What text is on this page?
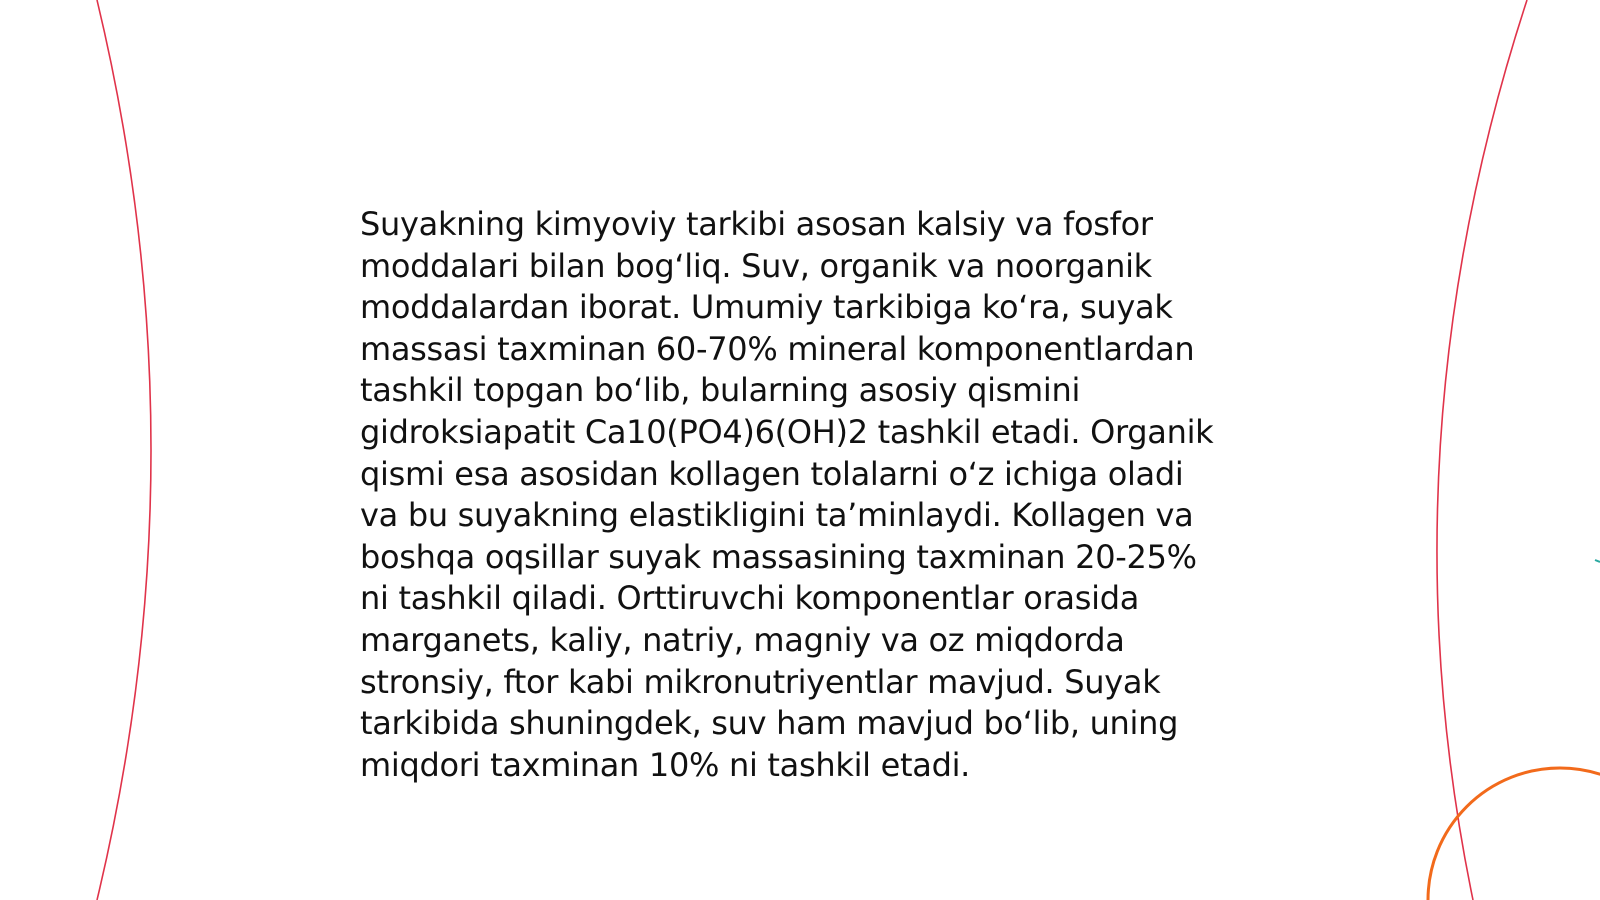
Suyakning kimyoviy tarkibi asosan kalsiy va fosfor
moddalari bilan bog‘liq. Suv, organik va noorganik
moddalardan iborat. Umumiy tarkibiga ko‘ra, suyak
massasi taxminan 60-70% mineral komponentlardan
tashkil topgan bo‘lib, bularning asosiy qismini
gidroksiapatit Ca10(PO4)6(OH)2 tashkil etadi. Organik
qismi esa asosidan kollagen tolalarni o‘z ichiga oladi
va bu suyakning elastikligini ta’minlaydi. Kollagen va
boshqa oqsillar suyak massasining taxminan 20-25%
ni tashkil qiladi. Orttiruvchi komponentlar orasida
marganets, kaliy, natriy, magniy va oz miqdorda
stronsiy, ftor kabi mikronutriyentlar mavjud. Suyak
tarkibida shuningdek, suv ham mavjud bo‘lib, uning
miqdori taxminan 10% ni tashkil etadi.
